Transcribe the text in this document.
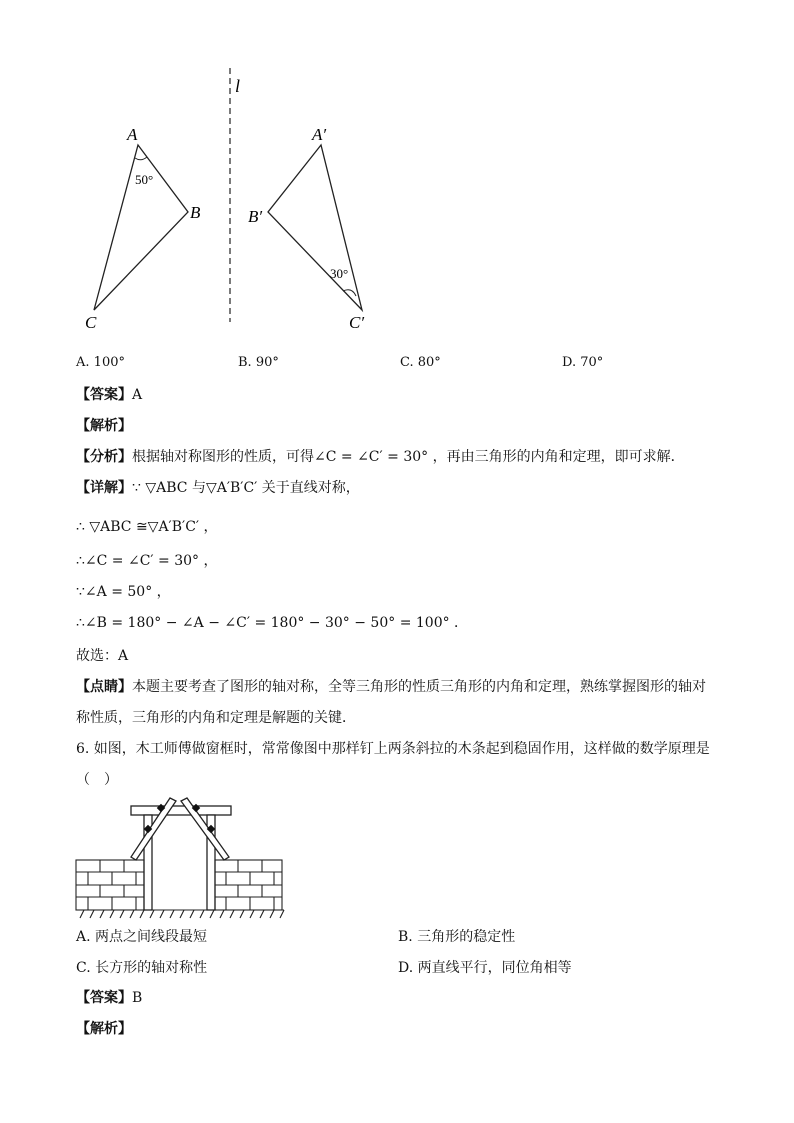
l
A
B
C
50°
A′
B′
C′
30°
A. 100°	B. 90°	C. 80°	D. 70°
【答案】A
【解析】
【分析】根据轴对称图形的性质，可得∠C = ∠C′ = 30° ，再由三角形的内角和定理，即可求解．
【详解】∵ ▽ABC 与▽A′B′C′ 关于直线对称，
∴ ▽ABC ≅▽A′B′C′ ，
∴∠C = ∠C′ = 30° ，
∵∠A = 50° ，
∴∠B = 180° − ∠A − ∠C′ = 180° − 30° − 50° = 100° ．
故选：A
【点睛】本题主要考查了图形的轴对称，全等三角形的性质三角形的内角和定理，熟练掌握图形的轴对
称性质，三角形的内角和定理是解题的关键．
6. 如图，木工师傅做窗框时，常常像图中那样钉上两条斜拉的木条起到稳固作用，这样做的数学原理是
（　）
A. 两点之间线段最短	B. 三角形的稳定性
C. 长方形的轴对称性	D. 两直线平行，同位角相等
【答案】B
【解析】
